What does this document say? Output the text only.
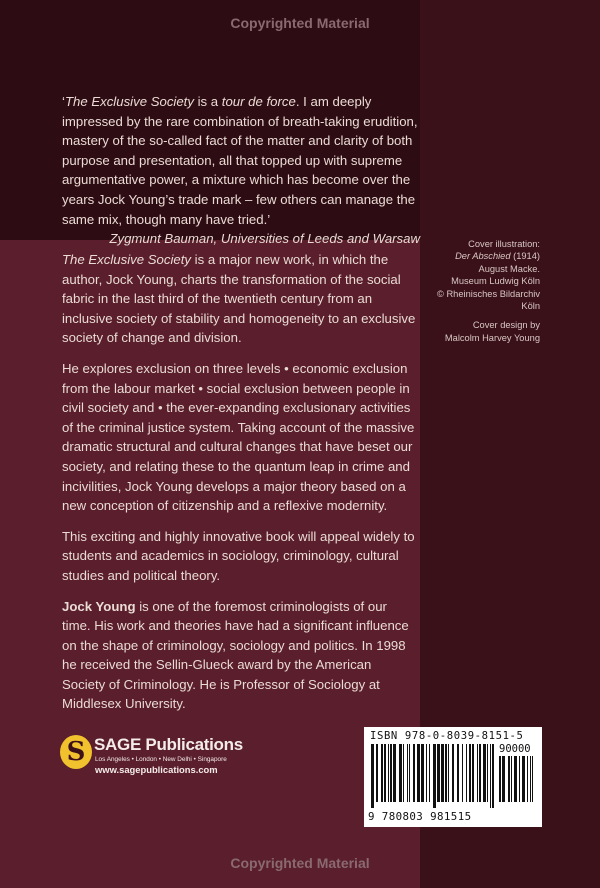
Copyrighted Material
‘The Exclusive Society is a tour de force. I am deeply impressed by the rare combination of breath-taking erudition, mastery of the so-called fact of the matter and clarity of both purpose and presentation, all that topped up with supreme argumentative power, a mixture which has become over the years Jock Young’s trade mark – few others can manage the same mix, though many have tried.’
Zygmunt Bauman, Universities of Leeds and Warsaw

The Exclusive Society is a major new work, in which the author, Jock Young, charts the transformation of the social fabric in the last third of the twentieth century from an inclusive society of stability and homogeneity to an exclusive society of change and division.

He explores exclusion on three levels • economic exclusion from the labour market • social exclusion between people in civil society and • the ever-expanding exclusionary activities of the criminal justice system. Taking account of the massive dramatic structural and cultural changes that have beset our society, and relating these to the quantum leap in crime and incivilities, Jock Young develops a major theory based on a new conception of citizenship and a reflexive modernity.

This exciting and highly innovative book will appeal widely to students and academics in sociology, criminology, cultural studies and political theory.

Jock Young is one of the foremost criminologists of our time. His work and theories have had a significant influence on the shape of criminology, sociology and politics. In 1998 he received the Sellin-Glueck award by the American Society of Criminology. He is Professor of Sociology at Middlesex University.

Cover illustration:
Der Abschied (1914)
August Macke.
Museum Ludwig Köln
© Rheinisches Bildarchiv Köln

Cover design by
Malcolm Harvey Young

S SAGE Publications
Los Angeles • London • New Delhi • Singapore
www.sagepublications.com
ISBN 978-0-8039-8151-5
90000
9 780803 981515
Copyrighted Material
